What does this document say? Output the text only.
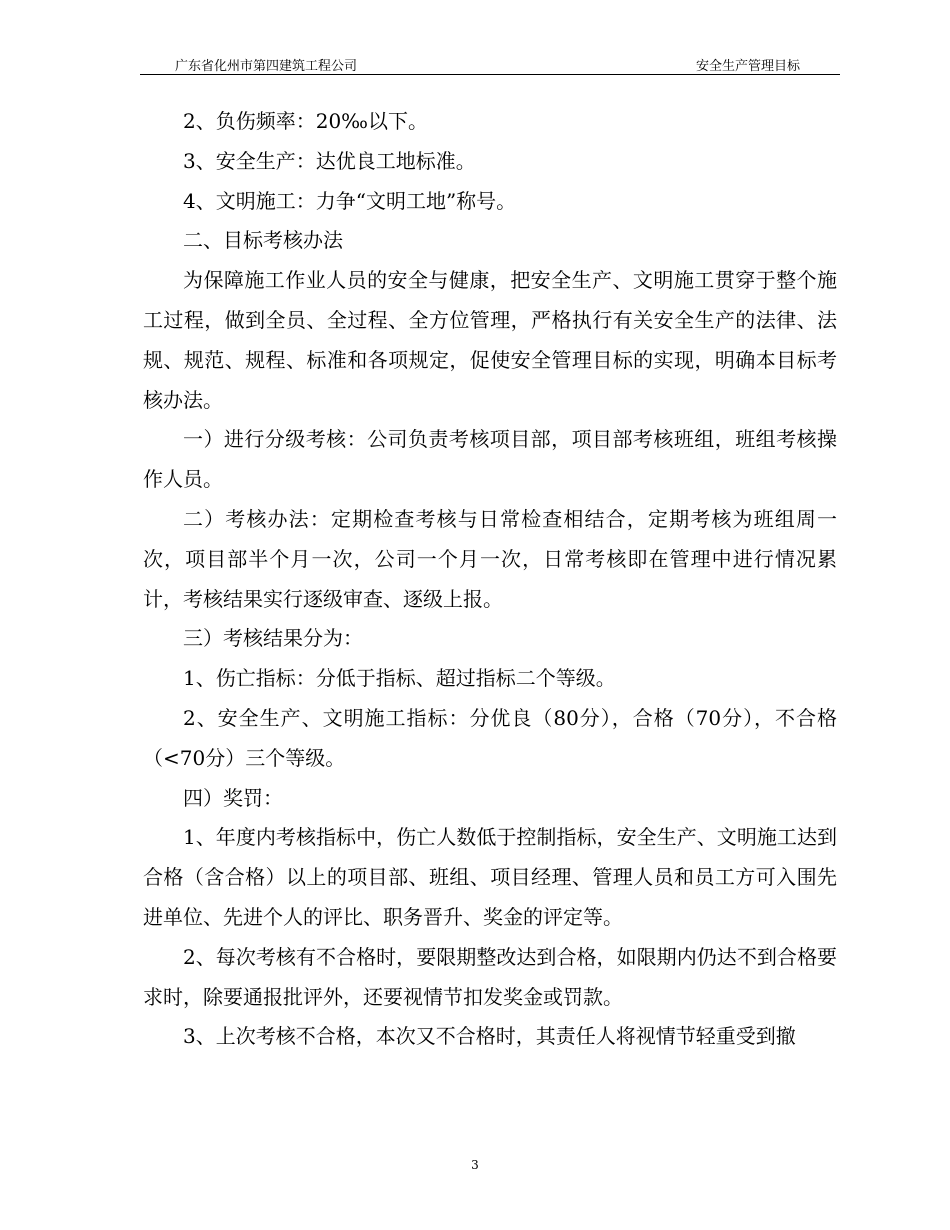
广东省化州市第四建筑工程公司	安全生产管理目标

2、负伤频率：20‰以下。

3、安全生产：达优良工地标准。

4、文明施工：力争“文明工地”称号。

二、目标考核办法

为保障施工作业人员的安全与健康，把安全生产、文明施工贯穿于整个施工过程，做到全员、全过程、全方位管理，严格执行有关安全生产的法律、法规、规范、规程、标准和各项规定，促使安全管理目标的实现，明确本目标考核办法。

一）进行分级考核：公司负责考核项目部，项目部考核班组，班组考核操作人员。

二）考核办法：定期检查考核与日常检查相结合，定期考核为班组周一次，项目部半个月一次，公司一个月一次，日常考核即在管理中进行情况累计，考核结果实行逐级审查、逐级上报。

三）考核结果分为：

1、伤亡指标：分低于指标、超过指标二个等级。

2、安全生产、文明施工指标：分优良（80分），合格（70分），不合格（<70分）三个等级。

四）奖罚：

1、年度内考核指标中，伤亡人数低于控制指标，安全生产、文明施工达到合格（含合格）以上的项目部、班组、项目经理、管理人员和员工方可入围先进单位、先进个人的评比、职务晋升、奖金的评定等。

2、每次考核有不合格时，要限期整改达到合格，如限期内仍达不到合格要求时，除要通报批评外，还要视情节扣发奖金或罚款。

3、上次考核不合格，本次又不合格时，其责任人将视情节轻重受到撤

3
